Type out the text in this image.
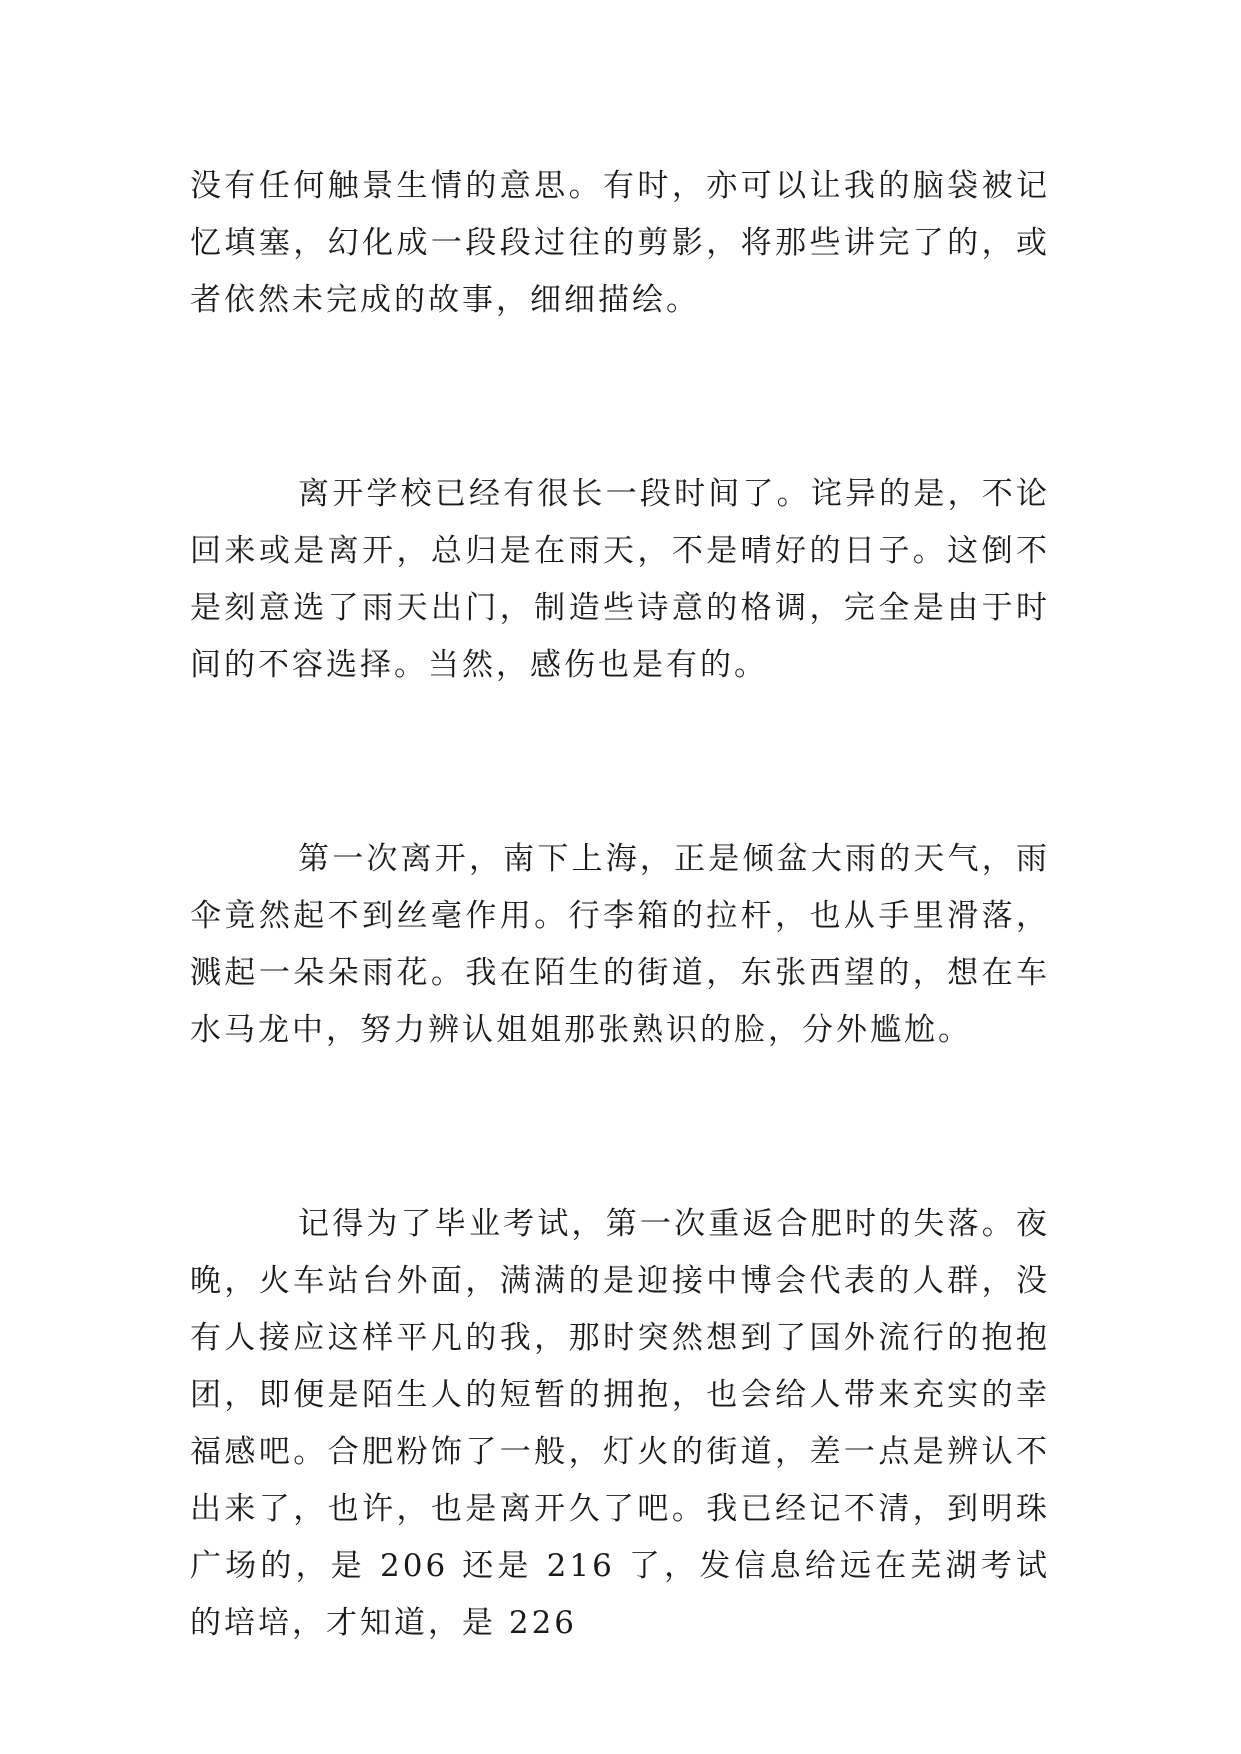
没有任何触景生情的意思。有时，亦可以让我的脑袋被记忆填塞，幻化成一段段过往的剪影，将那些讲完了的，或者依然未完成的故事，细细描绘。

离开学校已经有很长一段时间了。诧异的是，不论回来或是离开，总归是在雨天，不是晴好的日子。这倒不是刻意选了雨天出门，制造些诗意的格调，完全是由于时间的不容选择。当然，感伤也是有的。

第一次离开，南下上海，正是倾盆大雨的天气，雨伞竟然起不到丝毫作用。行李箱的拉杆，也从手里滑落，溅起一朵朵雨花。我在陌生的街道，东张西望的，想在车水马龙中，努力辨认姐姐那张熟识的脸，分外尴尬。

记得为了毕业考试，第一次重返合肥时的失落。夜晚，火车站台外面，满满的是迎接中博会代表的人群，没有人接应这样平凡的我，那时突然想到了国外流行的抱抱团，即便是陌生人的短暂的拥抱，也会给人带来充实的幸福感吧。合肥粉饰了一般，灯火的街道，差一点是辨认不出来了，也许，也是离开久了吧。我已经记不清，到明珠广场的，是 206 还是 216 了，发信息给远在芜湖考试的培培，才知道，是 226
